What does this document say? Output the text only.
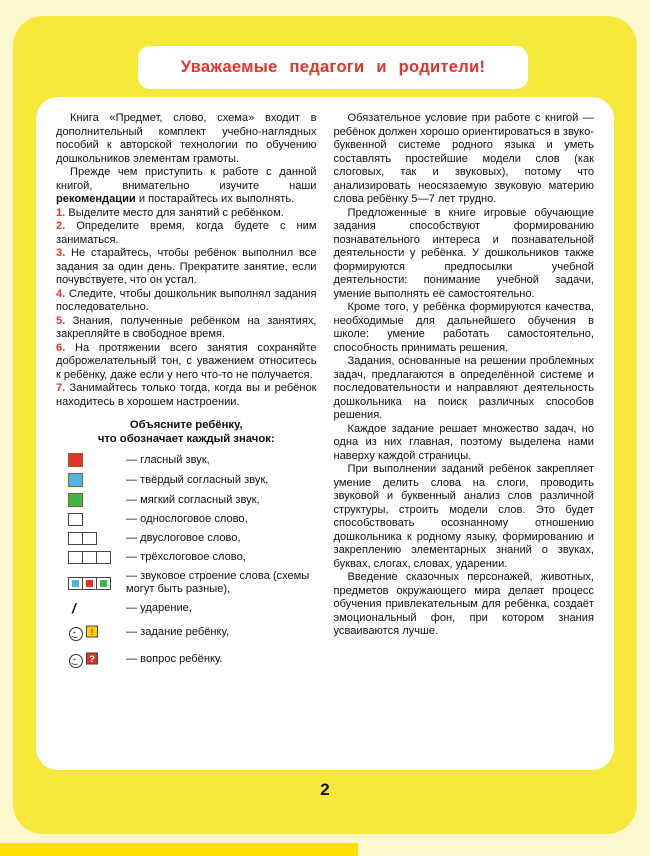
Уважаемые педагоги и родители!

Книга «Предмет, слово, схема» входит в дополнительный комплект учебно-наглядных пособий к авторской технологии по обучению дошкольников элементам грамоты.

Прежде чем приступить к работе с данной книгой, внимательно изучите наши рекомендации и постарайтесь их выполнять.

1. Выделите место для занятий с ребёнком.

2. Определите время, когда будете с ним заниматься.

3. Не старайтесь, чтобы ребёнок выполнил все задания за один день. Прекратите занятие, если почувствуете, что он устал.

4. Следите, чтобы дошкольник выполнял задания последовательно.

5. Знания, полученные ребёнком на занятиях, закрепляйте в свободное время.

6. На протяжении всего занятия сохраняйте доброжелательный тон, с уважением относитесь к ребёнку, даже если у него что-то не получается.

7. Занимайтесь только тогда, когда вы и ребёнок находитесь в хорошем настроении.

Объясните ребёнку,
что обозначает каждый значок:
— гласный звук,
— твёрдый согласный звук,
— мягкий согласный звук,
— однослоговое слово,
— двуслоговое слово,
— трёхслоговое слово,
— звуковое строение слова (схемы могут быть разные),
/	— ударение,
!	— задание ребёнку,
?	— вопрос ребёнку.

Обязательное условие при работе с книгой — ребёнок должен хорошо ориентироваться в звуко-буквенной системе родного языка и уметь составлять простейшие модели слов (как слоговых, так и звуковых), потому что анализировать неосязаемую звуковую материю слова ребёнку 5—7 лет трудно.

Предложенные в книге игровые обучающие задания способствуют формированию познавательного интереса и познавательной деятельности у ребёнка. У дошкольников также формируются предпосылки учебной деятельности: понимание учебной задачи, умение выполнять её самостоятельно.

Кроме того, у ребёнка формируются качества, необходимые для дальнейшего обучения в школе: умение работать самостоятельно, способность принимать решения.

Задания, основанные на решении проблемных задач, предлагаются в определённой системе и последовательности и направляют деятельность дошкольника на поиск различных способов решения.

Каждое задание решает множество задач, но одна из них главная, поэтому выделена нами наверху каждой страницы.

При выполнении заданий ребёнок закрепляет умение делить слова на слоги, проводить звуковой и буквенный анализ слов различной структуры, строить модели слов. Это будет способствовать осознанному отношению дошкольника к родному языку, формированию и закреплению элементарных знаний о звуках, буквах, слогах, словах, ударении.

Введение сказочных персонажей, животных, предметов окружающего мира делает процесс обучения привлекательным для ребёнка, создаёт эмоциональный фон, при котором знания усваиваются лучше.

2
